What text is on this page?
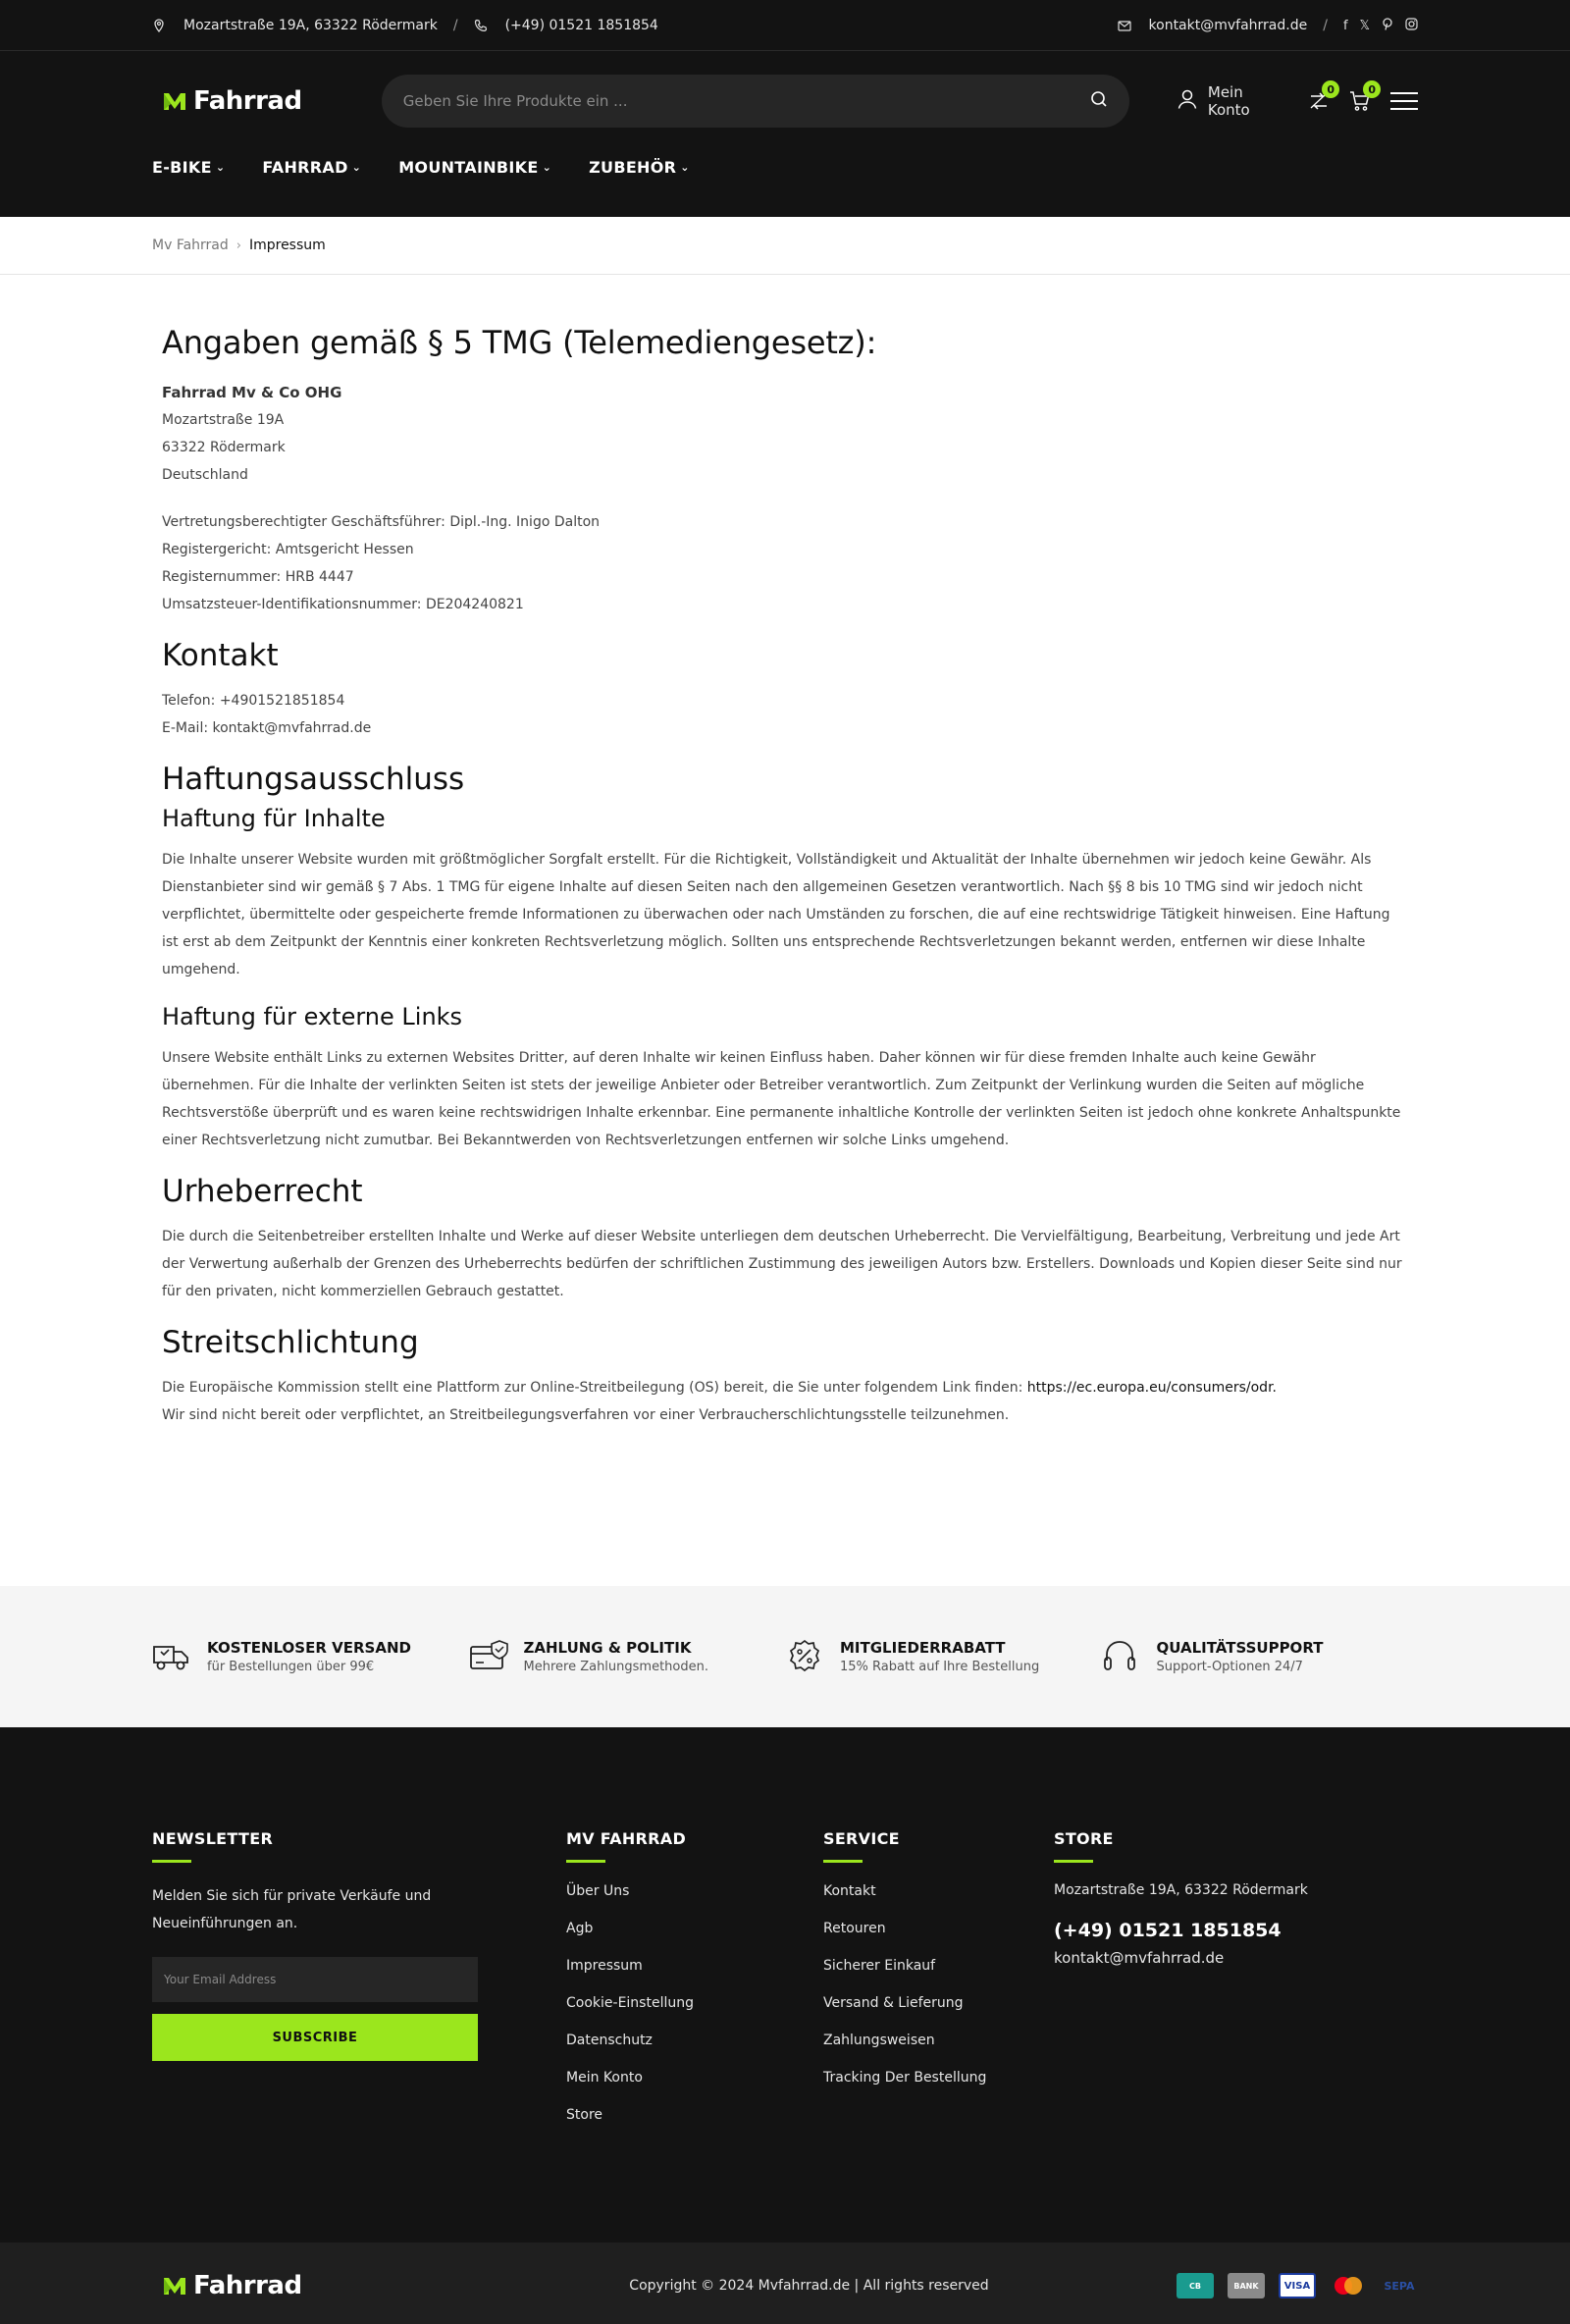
Mozartstraße 19A, 63322 Rödermark /	(+49) 01521 1851854	kontakt@mvfahrrad.de / f 𝕏
Fahrrad
Geben Sie Ihre Produkte ein ...	Mein Konto
0	0
E-BIKE ⌄ FAHRRAD ⌄ MOUNTAINBIKE ⌄ ZUBEHÖR ⌄
Mv Fahrrad › Impressum
Angaben gemäß § 5 TMG (Telemediengesetz):

Fahrrad Mv & Co OHG

Mozartstraße 19A

63322 Rödermark

Deutschland

Vertretungsberechtigter Geschäftsführer: Dipl.-Ing. Inigo Dalton

Registergericht: Amtsgericht Hessen

Registernummer: HRB 4447

Umsatzsteuer-Identifikationsnummer: DE204240821

Kontakt

Telefon: +4901521851854

E-Mail: kontakt@mvfahrrad.de

Haftungsausschluss
Haftung für Inhalte

Die Inhalte unserer Website wurden mit größtmöglicher Sorgfalt erstellt. Für die Richtigkeit, Vollständigkeit und Aktualität der Inhalte übernehmen wir jedoch keine Gewähr. Als Dienstanbieter sind wir gemäß § 7 Abs. 1 TMG für eigene Inhalte auf diesen Seiten nach den allgemeinen Gesetzen verantwortlich. Nach §§ 8 bis 10 TMG sind wir jedoch nicht verpflichtet, übermittelte oder gespeicherte fremde Informationen zu überwachen oder nach Umständen zu forschen, die auf eine rechtswidrige Tätigkeit hinweisen. Eine Haftung ist erst ab dem Zeitpunkt der Kenntnis einer konkreten Rechtsverletzung möglich. Sollten uns entsprechende Rechtsverletzungen bekannt werden, entfernen wir diese Inhalte umgehend.

Haftung für externe Links

Unsere Website enthält Links zu externen Websites Dritter, auf deren Inhalte wir keinen Einfluss haben. Daher können wir für diese fremden Inhalte auch keine Gewähr übernehmen. Für die Inhalte der verlinkten Seiten ist stets der jeweilige Anbieter oder Betreiber verantwortlich. Zum Zeitpunkt der Verlinkung wurden die Seiten auf mögliche Rechtsverstöße überprüft und es waren keine rechtswidrigen Inhalte erkennbar. Eine permanente inhaltliche Kontrolle der verlinkten Seiten ist jedoch ohne konkrete Anhaltspunkte einer Rechtsverletzung nicht zumutbar. Bei Bekanntwerden von Rechtsverletzungen entfernen wir solche Links umgehend.

Urheberrecht

Die durch die Seitenbetreiber erstellten Inhalte und Werke auf dieser Website unterliegen dem deutschen Urheberrecht. Die Vervielfältigung, Bearbeitung, Verbreitung und jede Art der Verwertung außerhalb der Grenzen des Urheberrechts bedürfen der schriftlichen Zustimmung des jeweiligen Autors bzw. Erstellers. Downloads und Kopien dieser Seite sind nur für den privaten, nicht kommerziellen Gebrauch gestattet.

Streitschlichtung

Die Europäische Kommission stellt eine Plattform zur Online-Streitbeilegung (OS) bereit, die Sie unter folgendem Link finden: https://ec.europa.eu/consumers/odr.

Wir sind nicht bereit oder verpflichtet, an Streitbeilegungsverfahren vor einer Verbraucherschlichtungsstelle teilzunehmen.

KOSTENLOSER VERSAND
für Bestellungen über 99€
ZAHLUNG & POLITIK
Mehrere Zahlungsmethoden.
MITGLIEDERRABATT
15% Rabatt auf Ihre Bestellung
QUALITÄTSSUPPORT
Support-Optionen 24/7
NEWSLETTER

Melden Sie sich für private Verkäufe und Neueinführungen an.

Your Email Address
SUBSCRIBE
MV FAHRRAD
Über Uns
Agb
Impressum
Cookie-Einstellung
Datenschutz
Mein Konto
Store
SERVICE
Kontakt
Retouren
Sicherer Einkauf
Versand & Lieferung
Zahlungsweisen
Tracking Der Bestellung
STORE
Mozartstraße 19A, 63322 Rödermark
(+49) 01521 1851854
kontakt@mvfahrrad.de
Fahrrad	Copyright © 2024 Mvfahrrad.de | All rights reserved	CB	BANK	VISA	SEPA
